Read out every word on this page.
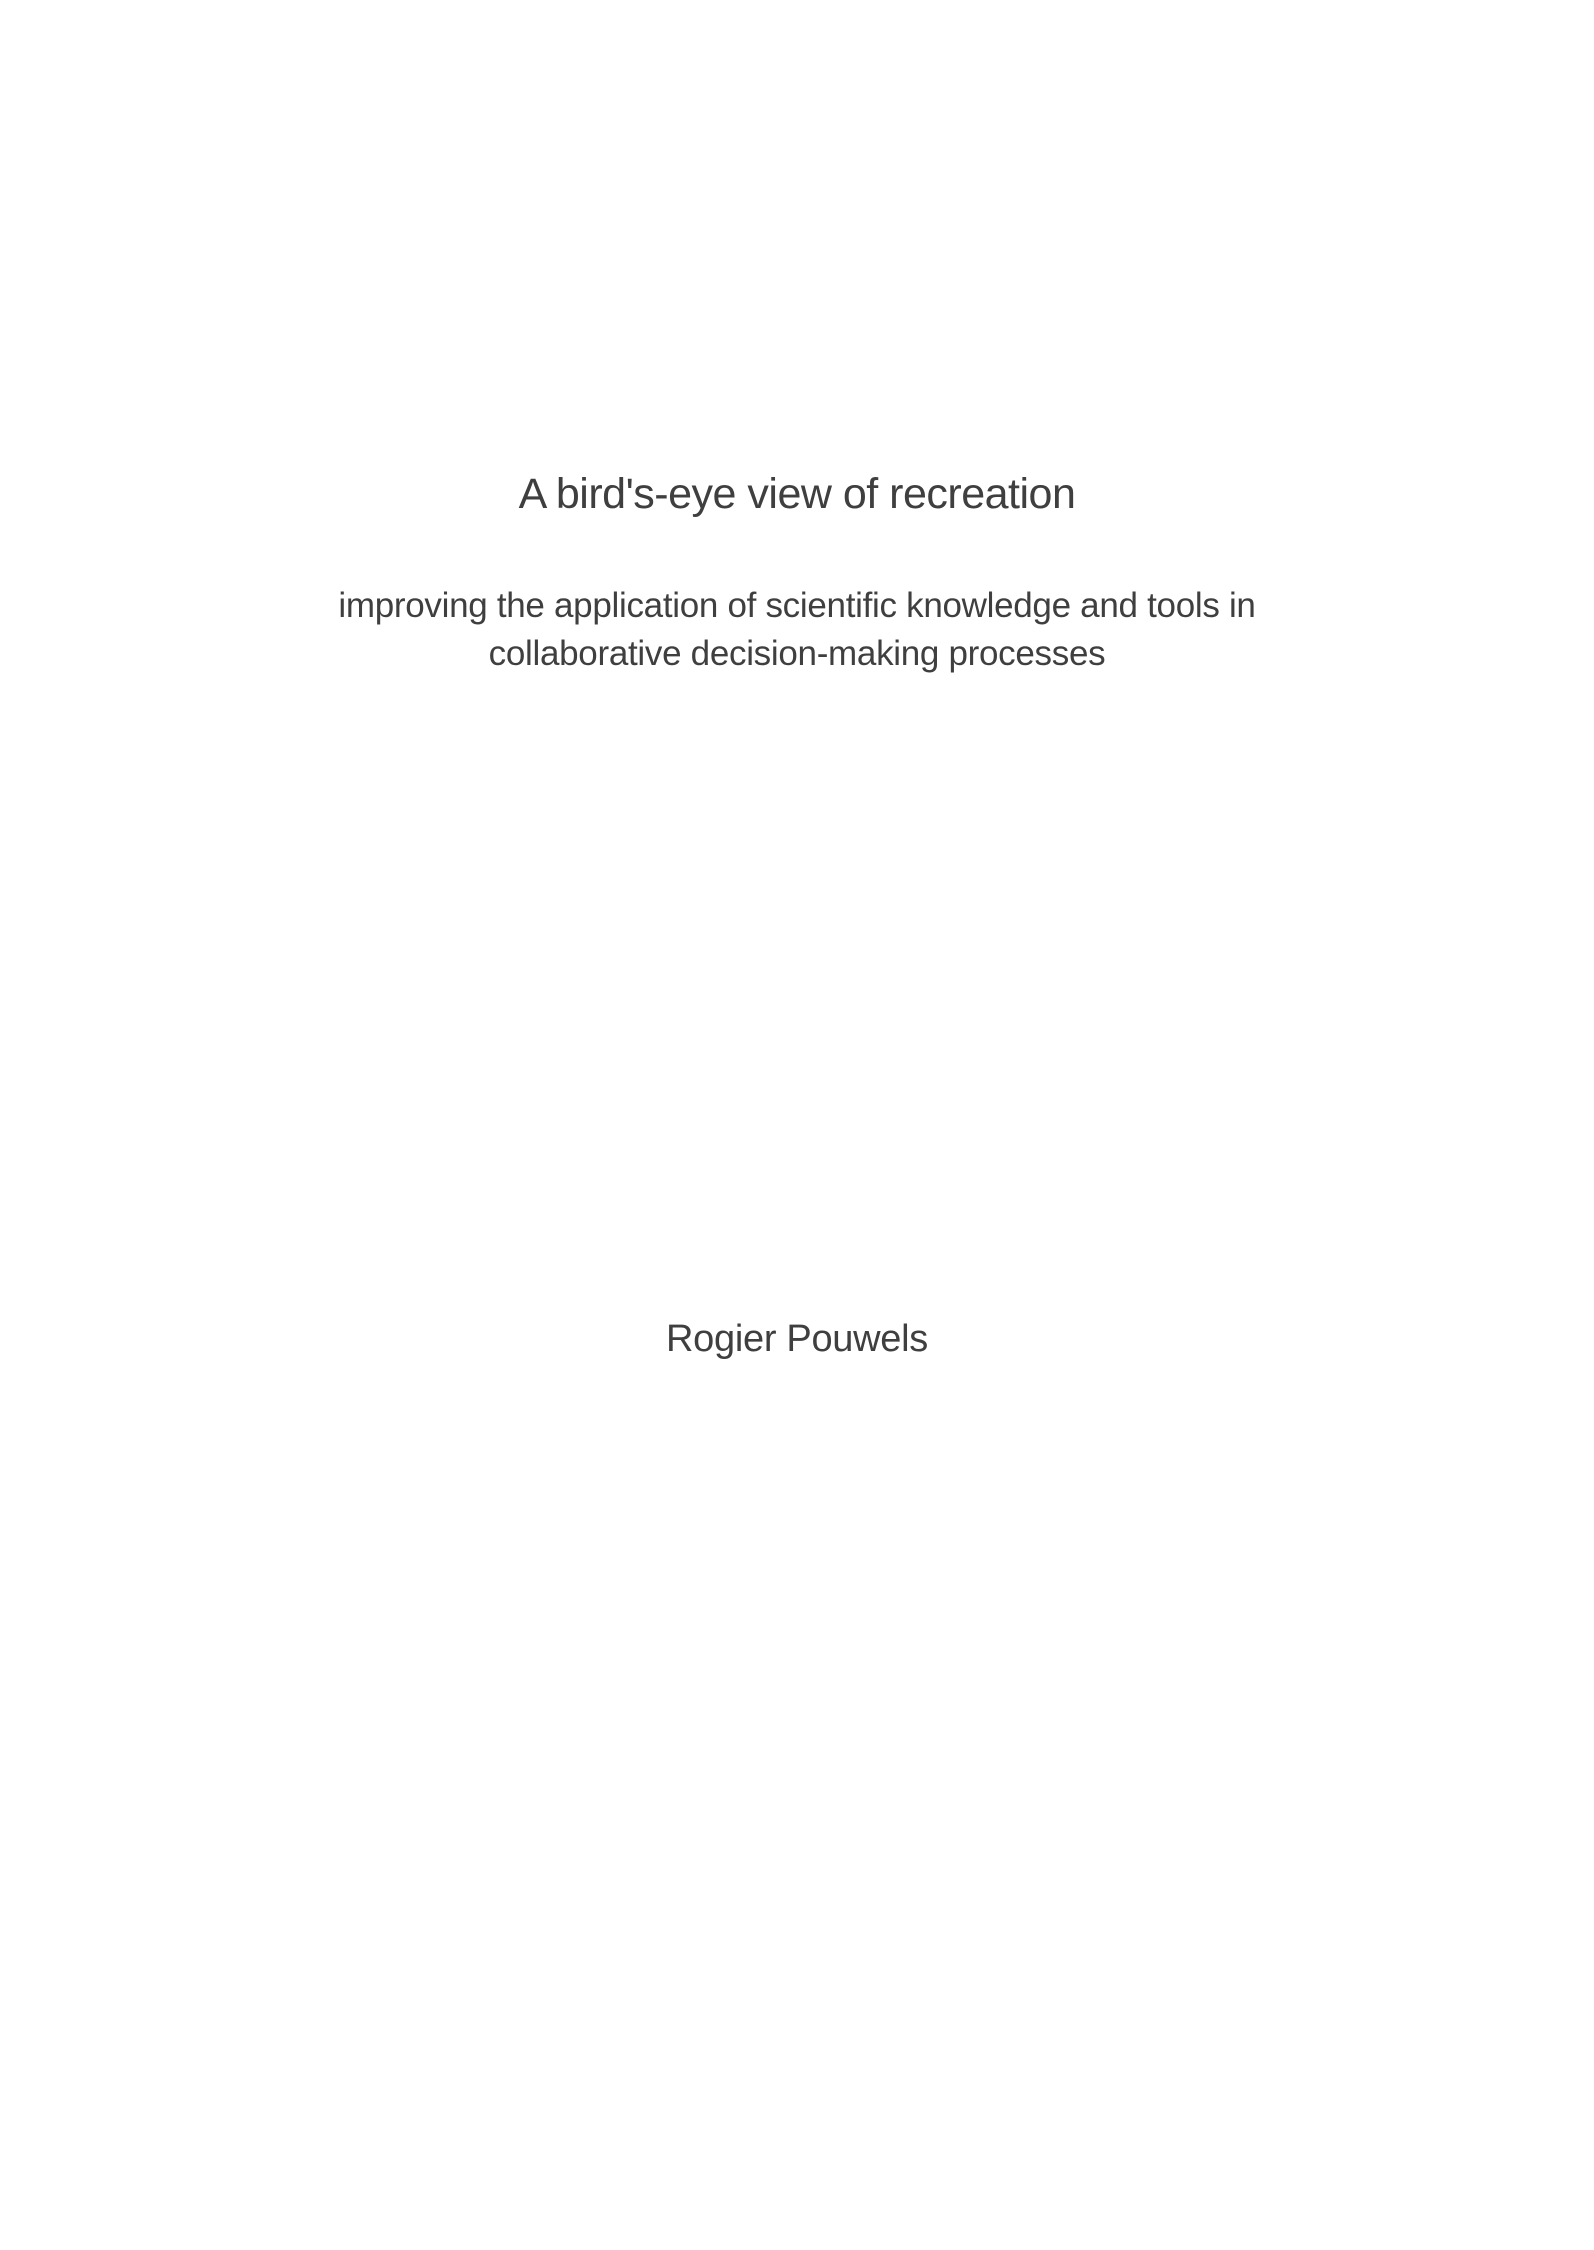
A bird's-eye view of recreation
improving the application of scientific knowledge and tools in
collaborative decision-making processes
Rogier Pouwels
